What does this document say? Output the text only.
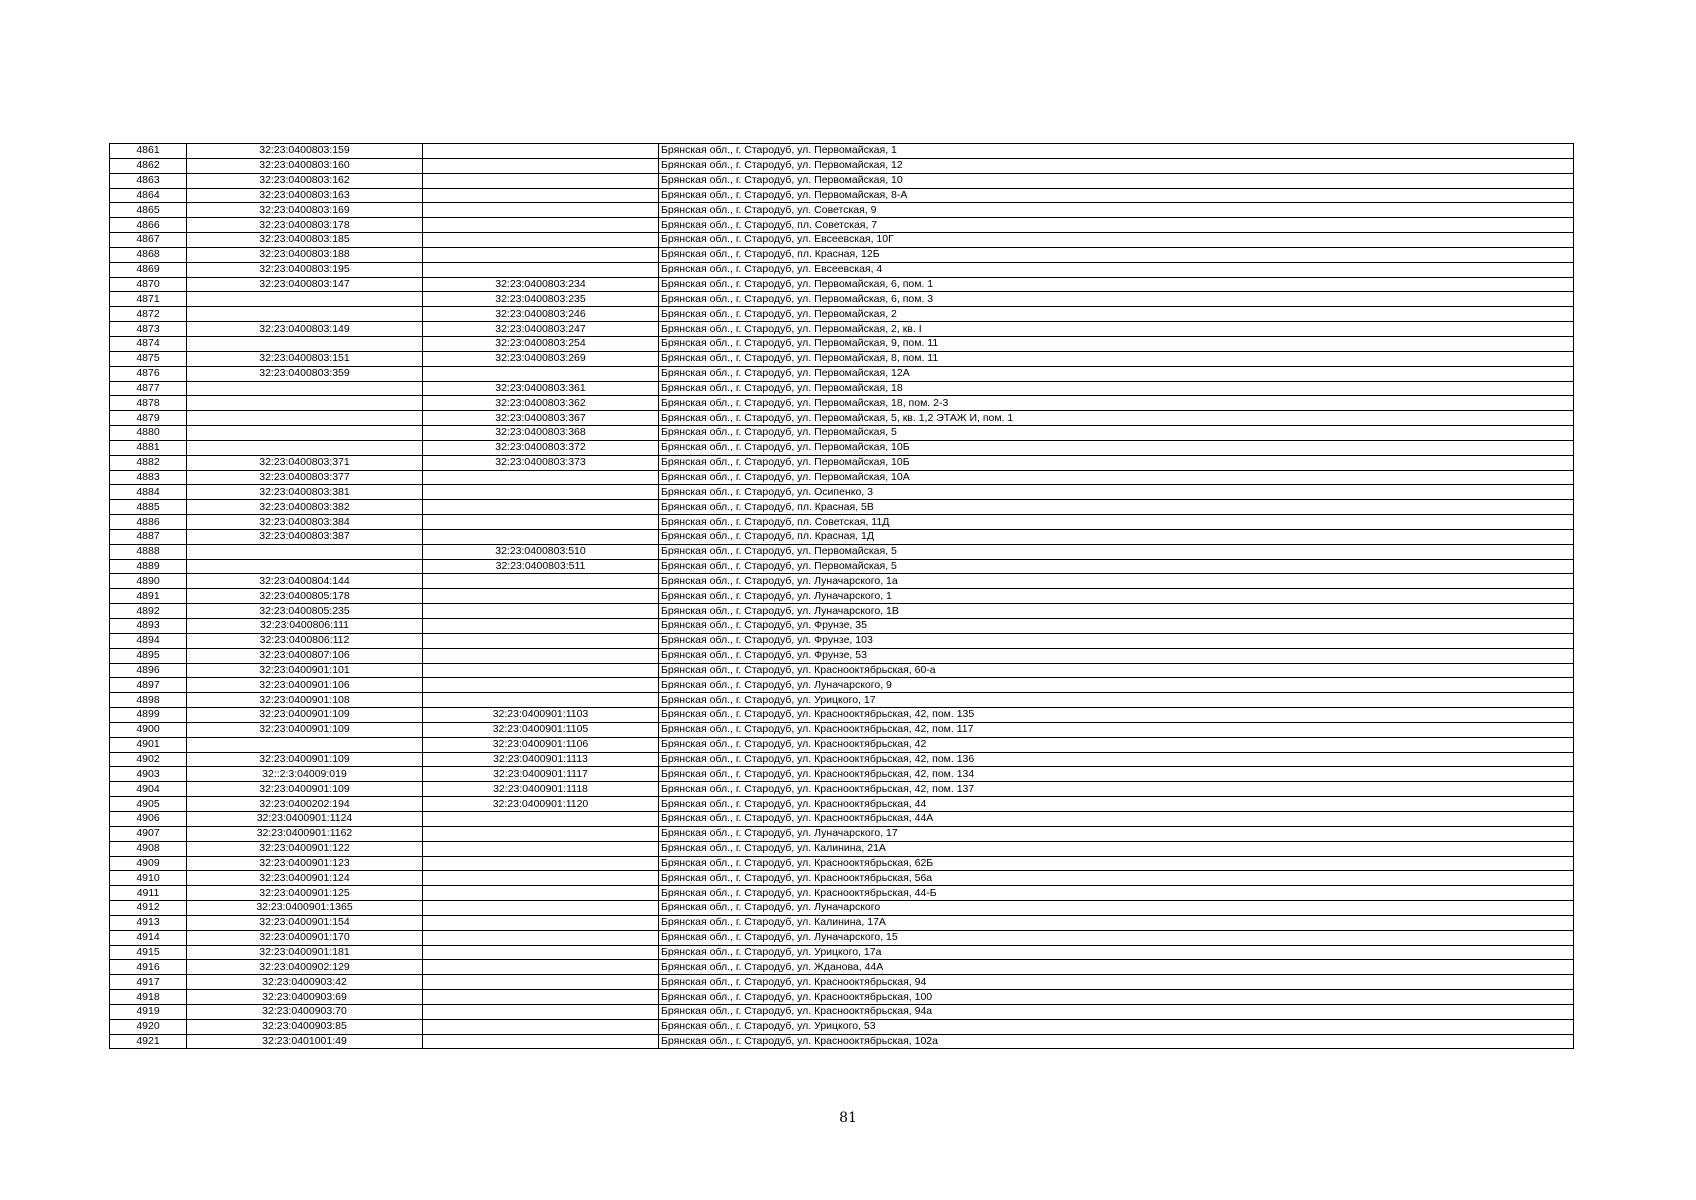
4861	32:23:0400803:159		Брянская обл., г. Стародуб, ул. Первомайская, 1
4862	32:23:0400803:160		Брянская обл., г. Стародуб, ул. Первомайская, 12
4863	32:23:0400803:162		Брянская обл., г. Стародуб, ул. Первомайская, 10
4864	32:23:0400803:163		Брянская обл., г. Стародуб, ул. Первомайская, 8-А
4865	32:23:0400803:169		Брянская обл., г. Стародуб, ул. Советская, 9
4866	32:23:0400803:178		Брянская обл., г. Стародуб, пл. Советская, 7
4867	32:23:0400803:185		Брянская обл., г. Стародуб, ул. Евсеевская, 10Г
4868	32:23:0400803:188		Брянская обл., г. Стародуб, пл. Красная, 12Б
4869	32:23:0400803:195		Брянская обл., г. Стародуб, ул. Евсеевская, 4
4870	32:23:0400803:147	32:23:0400803:234	Брянская обл., г. Стародуб, ул. Первомайская, 6, пом. 1
4871		32:23:0400803:235	Брянская обл., г. Стародуб, ул. Первомайская, 6, пом. 3
4872		32:23:0400803:246	Брянская обл., г. Стародуб, ул. Первомайская, 2
4873	32:23:0400803:149	32:23:0400803:247	Брянская обл., г. Стародуб, ул. Первомайская, 2, кв. I
4874		32:23:0400803:254	Брянская обл., г. Стародуб, ул. Первомайская, 9, пом. 11
4875	32:23:0400803:151	32:23:0400803:269	Брянская обл., г. Стародуб, ул. Первомайская, 8, пом. 11
4876	32:23:0400803:359		Брянская обл., г. Стародуб, ул. Первомайская, 12А
4877		32:23:0400803:361	Брянская обл., г. Стародуб, ул. Первомайская, 18
4878		32:23:0400803:362	Брянская обл., г. Стародуб, ул. Первомайская, 18, пом. 2-3
4879		32:23:0400803:367	Брянская обл., г. Стародуб, ул. Первомайская, 5, кв. 1,2 ЭТАЖ И, пом. 1
4880		32:23:0400803:368	Брянская обл., г. Стародуб, ул. Первомайская, 5
4881		32:23:0400803:372	Брянская обл., г. Стародуб, ул. Первомайская, 10Б
4882	32:23:0400803:371	32:23:0400803:373	Брянская обл., г. Стародуб, ул. Первомайская, 10Б
4883	32:23:0400803:377		Брянская обл., г. Стародуб, ул. Первомайская, 10А
4884	32:23:0400803:381		Брянская обл., г. Стародуб, ул. Осипенко, 3
4885	32:23:0400803:382		Брянская обл., г. Стародуб, пл. Красная, 5В
4886	32:23:0400803:384		Брянская обл., г. Стародуб, пл. Советская, 11Д
4887	32:23:0400803:387		Брянская обл., г. Стародуб, пл. Красная, 1Д
4888		32:23:0400803:510	Брянская обл., г. Стародуб, ул. Первомайская, 5
4889		32:23:0400803:511	Брянская обл., г. Стародуб, ул. Первомайская, 5
4890	32:23:0400804:144		Брянская обл., г. Стародуб, ул. Луначарского, 1а
4891	32:23:0400805:178		Брянская обл., г. Стародуб, ул. Луначарского, 1
4892	32:23:0400805:235		Брянская обл., г. Стародуб, ул. Луначарского, 1В
4893	32:23:0400806:111		Брянская обл., г. Стародуб, ул. Фрунзе, 35
4894	32:23:0400806:112		Брянская обл., г. Стародуб, ул. Фрунзе, 103
4895	32:23:0400807:106		Брянская обл., г. Стародуб, ул. Фрунзе, 53
4896	32:23:0400901:101		Брянская обл., г. Стародуб, ул. Краснооктябрьская, 60-а
4897	32:23:0400901:106		Брянская обл., г. Стародуб, ул. Луначарского, 9
4898	32:23:0400901:108		Брянская обл., г. Стародуб, ул. Урицкого, 17
4899	32:23:0400901:109	32:23:0400901:1103	Брянская обл., г. Стародуб, ул. Краснооктябрьская, 42, пом. 135
4900	32:23:0400901:109	32:23:0400901:1105	Брянская обл., г. Стародуб, ул. Краснооктябрьская, 42, пом. 117
4901		32:23:0400901:1106	Брянская обл., г. Стародуб, ул. Краснооктябрьская, 42
4902	32:23:0400901:109	32:23:0400901:1113	Брянская обл., г. Стародуб, ул. Краснооктябрьская, 42, пом. 136
4903	32::2:3:04009:019	32:23:0400901:1117	Брянская обл., г. Стародуб, ул. Краснооктябрьская, 42, пом. 134
4904	32:23:0400901:109	32:23:0400901:1118	Брянская обл., г. Стародуб, ул. Краснооктябрьская, 42, пом. 137
4905	32:23:0400202:194	32:23:0400901:1120	Брянская обл., г. Стародуб, ул. Краснооктябрьская, 44
4906	32:23:0400901:1124		Брянская обл., г. Стародуб, ул. Краснооктябрьская, 44А
4907	32:23:0400901:1162		Брянская обл., г. Стародуб, ул. Луначарского, 17
4908	32:23:0400901:122		Брянская обл., г. Стародуб, ул. Калинина, 21А
4909	32:23:0400901:123		Брянская обл., г. Стародуб, ул. Краснооктябрьская, 62Б
4910	32:23:0400901:124		Брянская обл., г. Стародуб, ул. Краснооктябрьская, 56а
4911	32:23:0400901:125		Брянская обл., г. Стародуб, ул. Краснооктябрьская, 44-Б
4912	32:23:0400901:1365		Брянская обл., г. Стародуб, ул. Луначарского
4913	32:23:0400901:154		Брянская обл., г. Стародуб, ул. Калинина, 17А
4914	32:23:0400901:170		Брянская обл., г. Стародуб, ул. Луначарского, 15
4915	32:23:0400901:181		Брянская обл., г. Стародуб, ул. Урицкого, 17а
4916	32:23:0400902:129		Брянская обл., г. Стародуб, ул. Жданова, 44А
4917	32:23:0400903:42		Брянская обл., г. Стародуб, ул. Краснооктябрьская, 94
4918	32:23:0400903:69		Брянская обл., г. Стародуб, ул. Краснооктябрьская, 100
4919	32:23:0400903:70		Брянская обл., г. Стародуб, ул. Краснооктябрьская, 94а
4920	32:23:0400903:85		Брянская обл., г. Стародуб, ул. Урицкого, 53
4921	32:23:0401001:49		Брянская обл., г. Стародуб, ул. Краснооктябрьская, 102а
81
